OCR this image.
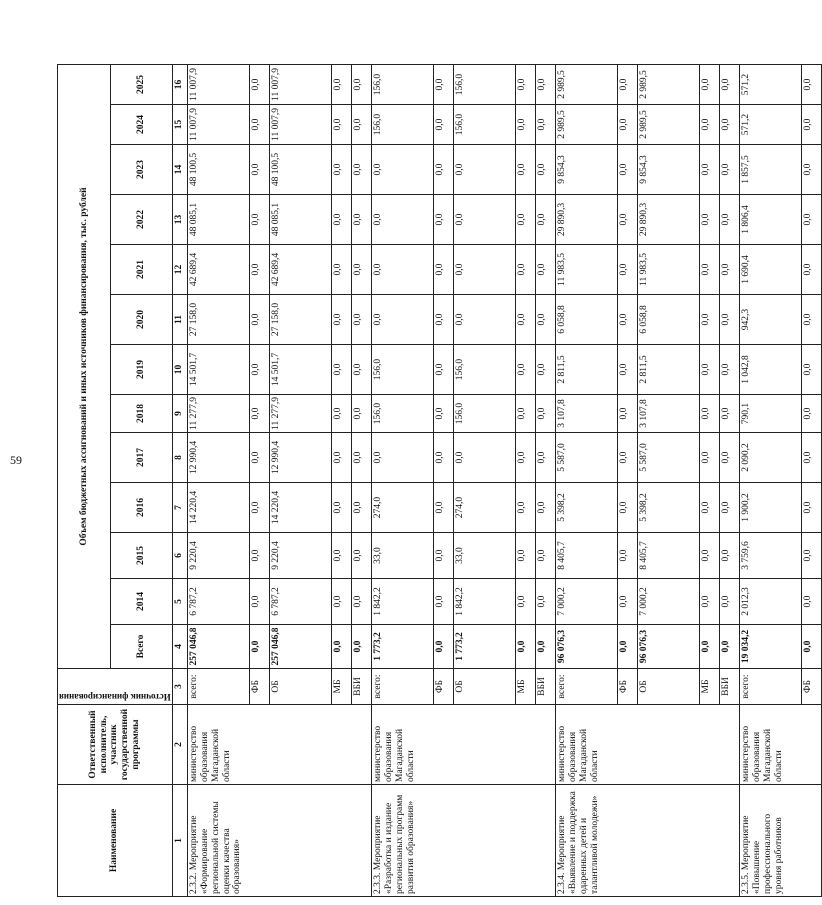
59
Наименование	Ответственный исполнитель, участник государственной программы	Источник финансирования	Объем бюджетных ассигнований и иных источников финансирования, тыс. рублей												
			Всего	2014	2015	2016	2017	2018	2019	2020	2021	2022	2023	2024	2025
1	2	3	4	5	6	7	8	9	10	11	12	13	14	15	16
2.3.2. Мероприятие «Формирование региональной системы оценки качества образования»	министерство образования Магаданской области	всего:	257 046,8	6 787,2	9 220,4	14 220,4	12 990,4	11 277,9	14 501,7	27 158,0	42 689,4	48 085,1	48 100,5	11 007,9	11 007,9
		ФБ	0,0	0,0	0,0	0,0	0,0	0,0	0,0	0,0	0,0	0,0	0,0	0,0	0,0
		ОБ	257 046,8	6 787,2	9 220,4	14 220,4	12 990,4	11 277,9	14 501,7	27 158,0	42 689,4	48 085,1	48 100,5	11 007,9	11 007,9
		МБ	0,0	0,0	0,0	0,0	0,0	0,0	0,0	0,0	0,0	0,0	0,0	0,0	0,0
		ВБИ	0,0	0,0	0,0	0,0	0,0	0,0	0,0	0,0	0,0	0,0	0,0	0,0	0,0
2.3.3. Мероприятие «Разработка и издание региональных программ развития образования»	министерство образования Магаданской области	всего:	1 773,2	1 842,2	33,0	274,0	0,0	156,0	156,0	0,0	0,0	0,0	0,0	156,0	156,0
		ФБ	0,0	0,0	0,0	0,0	0,0	0,0	0,0	0,0	0,0	0,0	0,0	0,0	0,0
		ОБ	1 773,2	1 842,2	33,0	274,0	0,0	156,0	156,0	0,0	0,0	0,0	0,0	156,0	156,0
		МБ	0,0	0,0	0,0	0,0	0,0	0,0	0,0	0,0	0,0	0,0	0,0	0,0	0,0
		ВБИ	0,0	0,0	0,0	0,0	0,0	0,0	0,0	0,0	0,0	0,0	0,0	0,0	0,0
2.3.4. Мероприятие «Выявление и поддержка одаренных детей и талантливой молодежи»	министерство образования Магаданской области	всего:	96 076,3	7 000,2	8 405,7	5 398,2	5 587,0	3 107,8	2 811,5	6 058,8	11 983,5	29 890,3	9 854,3	2 989,5	2 989,5
		ФБ	0,0	0,0	0,0	0,0	0,0	0,0	0,0	0,0	0,0	0,0	0,0	0,0	0,0
		ОБ	96 076,3	7 000,2	8 405,7	5 398,2	5 587,0	3 107,8	2 811,5	6 058,8	11 983,5	29 890,3	9 854,3	2 989,5	2 989,5
		МБ	0,0	0,0	0,0	0,0	0,0	0,0	0,0	0,0	0,0	0,0	0,0	0,0	0,0
		ВБИ	0,0	0,0	0,0	0,0	0,0	0,0	0,0	0,0	0,0	0,0	0,0	0,0	0,0
2.3.5. Мероприятие «Повышение профессионального уровня работников	министерство образования Магаданской области	всего:	19 034,2	2 012,3	3 759,6	1 900,2	2 090,2	790,1	1 042,8	942,3	1 690,4	1 806,4	1 857,5	571,2	571,2
		ФБ	0,0	0,0	0,0	0,0	0,0	0,0	0,0	0,0	0,0	0,0	0,0	0,0	0,0
